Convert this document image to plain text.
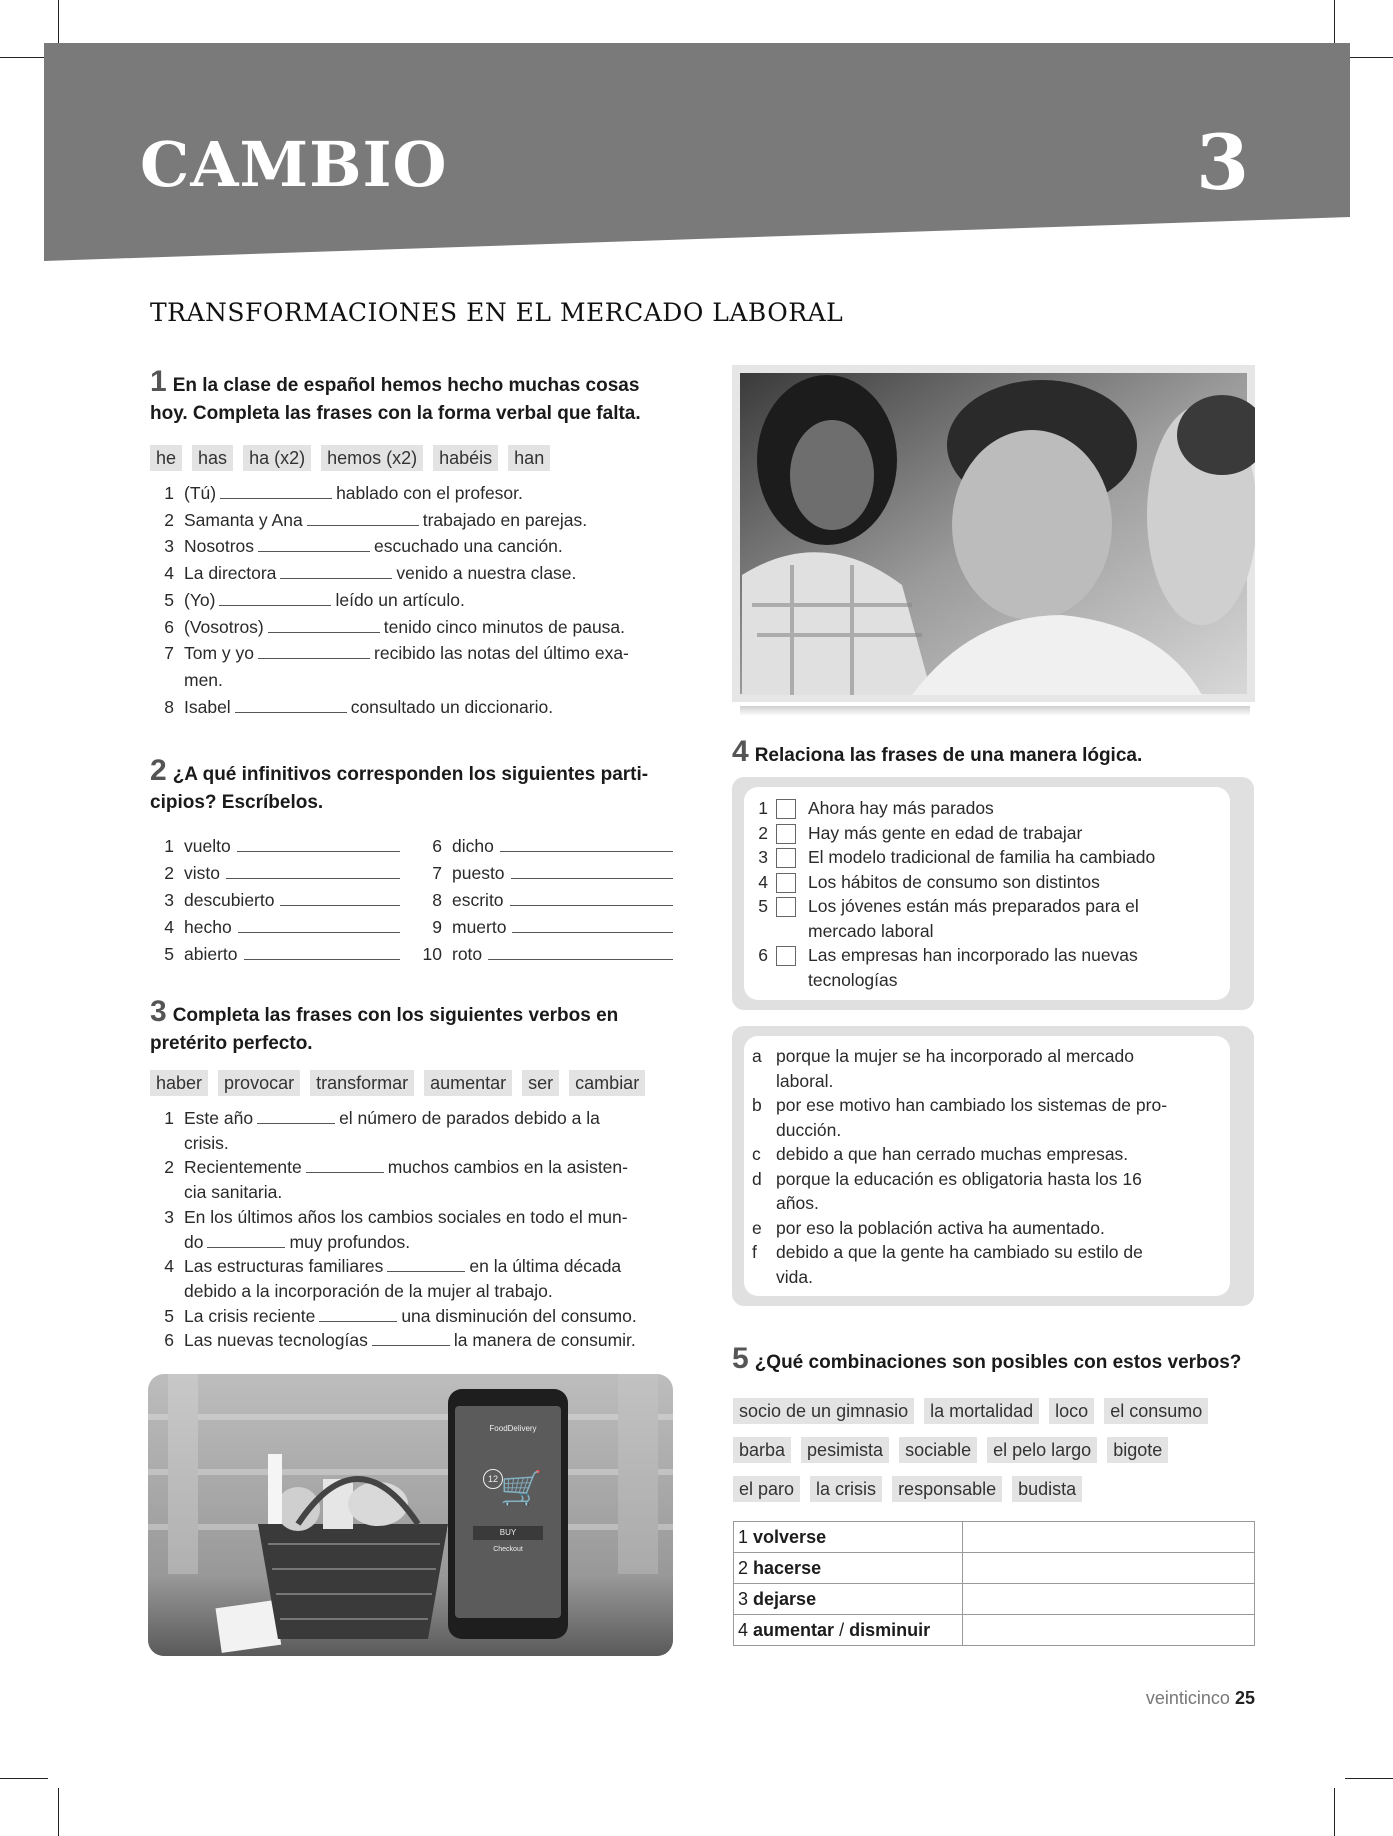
CAMBIO	3
TRANSFORMACIONES EN EL MERCADO LABORAL
1 En la clase de español hemos hecho muchas cosas hoy. Completa las frases con la forma verbal que falta.
he	has	ha (x2)	hemos (x2)	habéis	han
1 (Tú)	hablado con el profesor.
2 Samanta y Ana	trabajado en parejas.
3 Nosotros	escuchado una canción.
4 La directora	venido a nuestra clase.
5 (Yo)	leído un artículo.
6 (Vosotros)	tenido cinco minutos de pausa.
7 Tom y yo	recibido las notas del último exa-
men.
8 Isabel	consultado un diccionario.
2 ¿A qué infinitivos corresponden los siguientes parti- cipios? Escríbelos.
1 vuelto
2 visto
3 descubierto
4 hecho
5 abierto
6 dicho
7 puesto
8 escrito
9 muerto
10 roto
3 Completa las frases con los siguientes verbos en pretérito perfecto.
haber	provocar	transformar	aumentar	ser	cambiar
1 Este año	el número de parados debido a la
crisis.
2 Recientemente	muchos cambios en la asisten-
cia sanitaria.
3 En los últimos años los cambios sociales en todo el mun-
do	muy profundos.
4 Las estructuras familiares	en la última década
debido a la incorporación de la mujer al trabajo.
5 La crisis reciente	una disminución del consumo.
6 Las nuevas tecnologías	la manera de consumir.
FoodDelivery
12 🛒
BUY
Checkout
4 Relaciona las frases de una manera lógica.
1 Ahora hay más parados
2 Hay más gente en edad de trabajar
3 El modelo tradicional de familia ha cambiado
4 Los hábitos de consumo son distintos
5 Los jóvenes están más preparados para el
mercado laboral
6 Las empresas han incorporado las nuevas
tecnologías
a porque la mujer se ha incorporado al mercado
laboral.
b por ese motivo han cambiado los sistemas de pro-
ducción.
c debido a que han cerrado muchas empresas.
d porque la educación es obligatoria hasta los 16
años.
e por eso la población activa ha aumentado.
f	debido a que la gente ha cambiado su estilo de
vida.
5 ¿Qué combinaciones son posibles con estos verbos?
socio de un gimnasio	la mortalidad	loco	el consumo
barba	pesimista	sociable	el pelo largo	bigote
el paro	la crisis	responsable	budista
1 volverse	
2 hacerse	
3 dejarse	
4 aumentar / disminuir	
veinticinco 25
